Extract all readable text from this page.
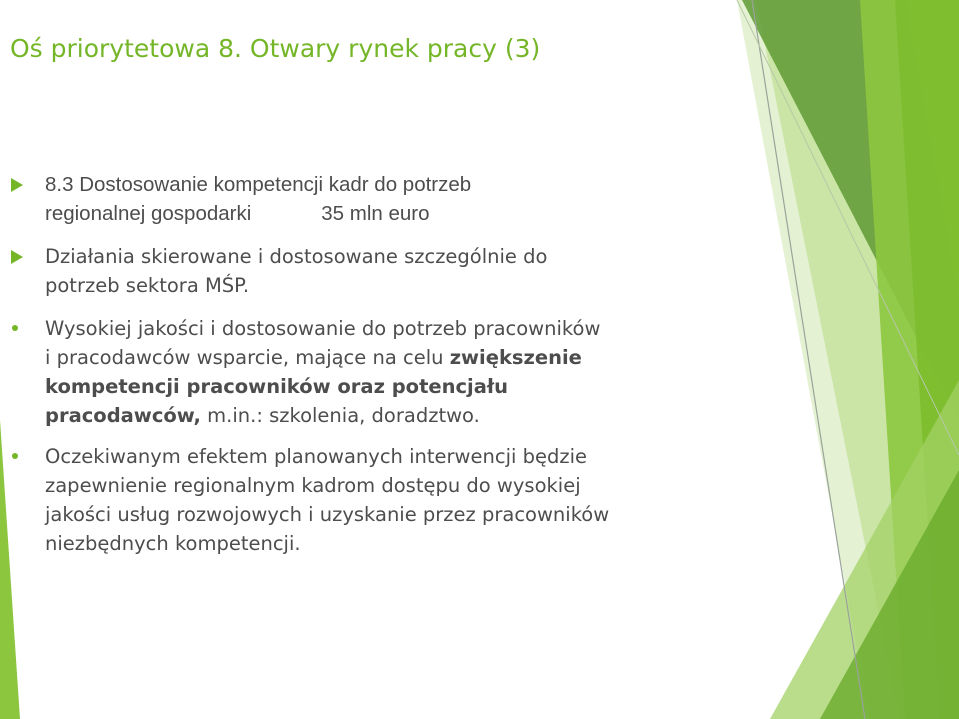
Oś priorytetowa 8. Otwary rynek pracy (3)
8.3 Dostosowanie kompetencji kadr do potrzeb
regionalnej gospodarki	35 mln euro
Działania skierowane i dostosowane szczególnie do
potrzeb sektora MŚP.
Wysokiej jakości i dostosowanie do potrzeb pracowników
i pracodawców wsparcie, mające na celu zwiększenie
kompetencji pracowników oraz potencjału
pracodawców, m.in.: szkolenia, doradztwo.
Oczekiwanym efektem planowanych interwencji będzie
zapewnienie regionalnym kadrom dostępu do wysokiej
jakości usług rozwojowych i uzyskanie przez pracowników
niezbędnych kompetencji.
